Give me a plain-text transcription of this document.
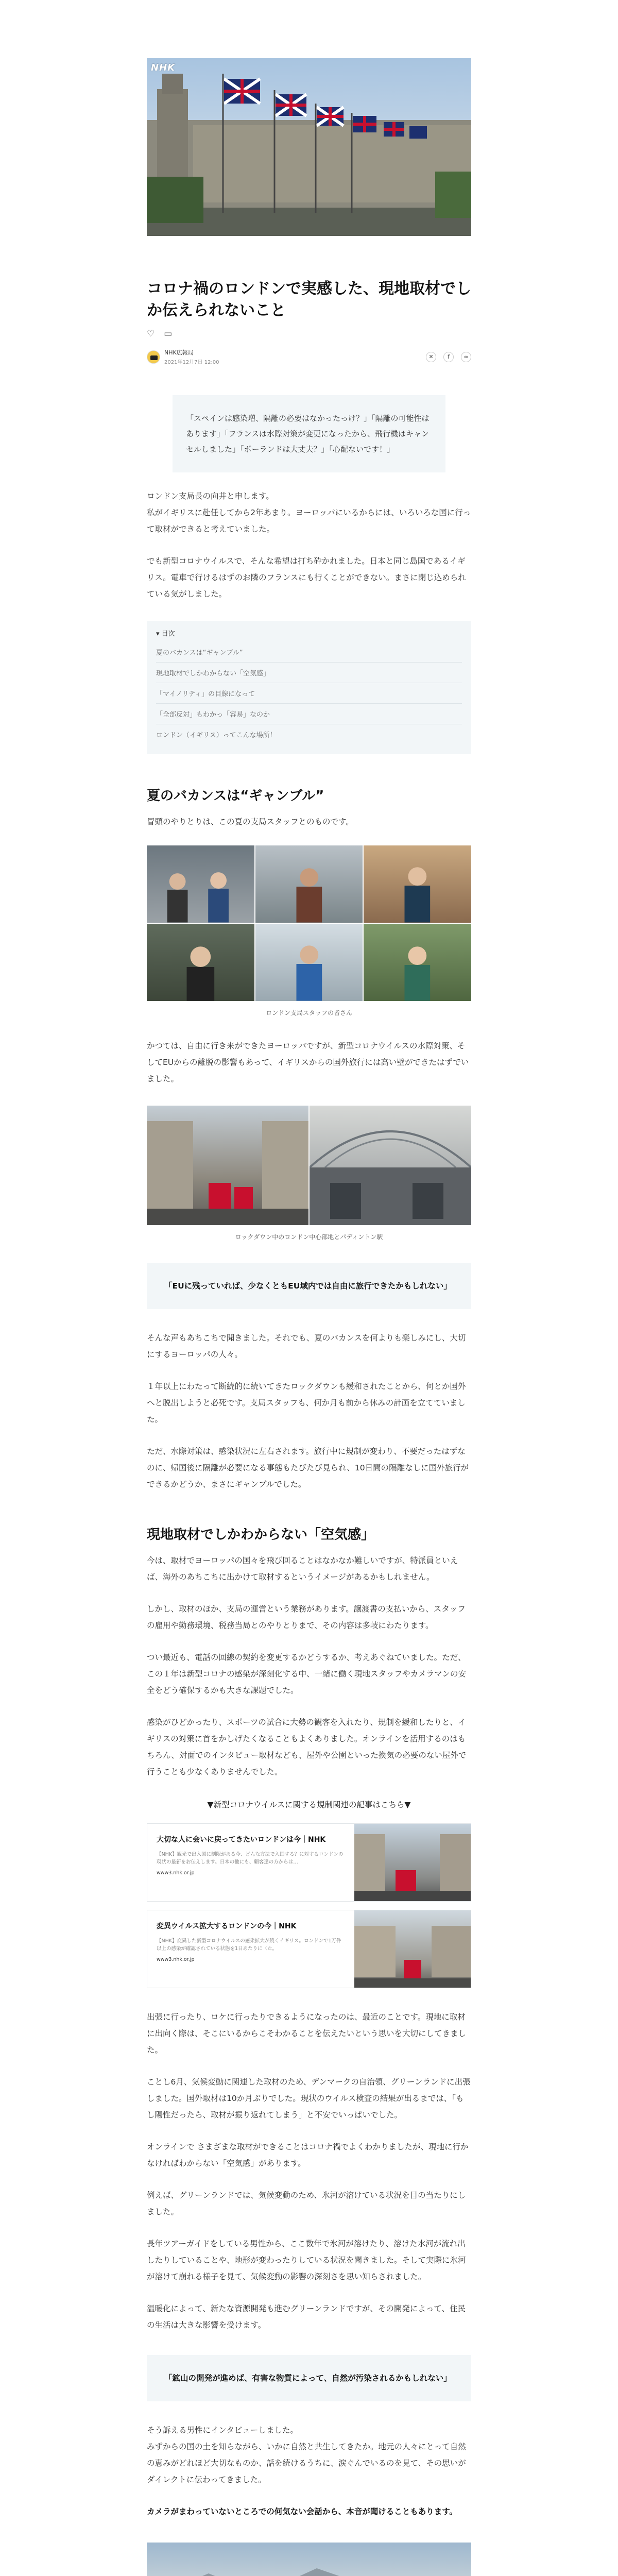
NHK
コロナ禍のロンドンで実感した、現地取材でしか伝えられないこと
♡ ▭
NHK広報局
2021年12月7日 12:00
✕	f	∞
「スペインは感染増、隔離の必要はなかったっけ？」「隔離の可能性はあります」「フランスは水際対策が変更になったから、飛行機はキャンセルしました」「ポーランドは大丈夫？」「心配ないです！」

ロンドン支局長の向井と申します。
私がイギリスに赴任してから2年あまり。ヨーロッパにいるからには、いろいろな国に行って取材ができると考えていました。

でも新型コロナウイルスで、そんな希望は打ち砕かれました。日本と同じ島国であるイギリス。電車で行けるはずのお隣のフランスにも行くことができない。まさに閉じ込められている気がしました。

▾ 目次
夏のバカンスは“ギャンブル”
現地取材でしかわからない「空気感」
「マイノリティ」の目線になって
「全部反対」もわかっ「容易」なのか
ロンドン（イギリス）ってこんな場所！
夏のバカンスは“ギャンブル”

冒頭のやりとりは、この夏の支局スタッフとのものです。

ロンドン支局スタッフの皆さん

かつては、自由に行き来ができたヨーロッパですが、新型コロナウイルスの水際対策、そしてEUからの離脱の影響もあって、イギリスからの国外旅行には高い壁ができたはずでいました。

ロックダウン中のロンドン中心部地とパディントン駅
「EUに残っていれば、少なくともEU域内では自由に旅行できたかもしれない」

そんな声もあちこちで聞きました。それでも、夏のバカンスを何よりも楽しみにし、大切にするヨーロッパの人々。

１年以上にわたって断続的に続いてきたロックダウンも緩和されたことから、何とか国外へと脱出しようと必死です。支局スタッフも、何か月も前から休みの計画を立てていました。

ただ、水際対策は、感染状況に左右されます。旅行中に規制が変わり、不要だったはずなのに、帰国後に隔離が必要になる事態もたびたび見られ、10日間の隔離なしに国外旅行ができるかどうか、まさにギャンブルでした。

現地取材でしかわからない「空気感」

今は、取材でヨーロッパの国々を飛び回ることはなかなか難しいですが、特派員といえば、海外のあちこちに出かけて取材するというイメージがあるかもしれません。

しかし、取材のほか、支局の運営という業務があります。譲渡書の支払いから、スタッフの雇用や勤務環境、税務当局とのやりとりまで、その内容は多岐にわたります。

つい最近も、電話の回線の契約を変更するかどうするか、考えあぐねていました。ただ、この１年は新型コロナの感染が深刻化する中、一緒に働く現地スタッフやカメラマンの安全をどう確保するかも大きな課題でした。

感染がひどかったり、スポーツの試合に大勢の観客を入れたり、規制を緩和したりと、イギリスの対策に首をかしげたくなることもよくありました。オンラインを活用するのはもちろん、対面でのインタビュー取材なども、屋外や公園といった換気の必要のない屋外で行うことも少なくありませんでした。

▼新型コロナウイルスに関する規制関連の記事はこちら▼
大切な人に会いに戻ってきたいロンドンは今｜NHK
【NHK】観光で出入国に制限がある今、どんな方法で入国する？に対するロンドンの現状の最新をお伝えします。日本の他にも、顧客達の方からは…
www3.nhk.or.jp
変異ウイルス拡大するロンドンの今｜NHK
【NHK】変異した新型コロナウイルスの感染拡大が続くイギリス。ロンドンで1万件以上の感染が確認されている状態を1日あたりに（た。
www3.nhk.or.jp

出張に行ったり、ロケに行ったりできるようになったのは、最近のことです。現地に取材に出向く際は、そこにいるからこそわかることを伝えたいという思いを大切にしてきました。

ことし6月、気候変動に関連した取材のため、デンマークの自治領、グリーンランドに出張しました。国外取材は10か月ぶりでした。現状のウイルス検査の結果が出るまでは、「もし陽性だったら、取材が振り返れてしまう」と不安でいっぱいでした。

オンラインで さまざまな取材ができることはコロナ禍でよくわかりましたが、現地に行かなければわからない「空気感」があります。

例えば、グリーンランドでは、気候変動のため、氷河が溶けている状況を目の当たりにしました。

長年ツアーガイドをしている男性から、ここ数年で氷河が溶けたり、溶けた水河が流れ出したりしていることや、地形が変わったりしている状況を聞きました。そして実際に氷河が溶けて崩れる様子を見て、気候変動の影響の深刻さを思い知らされました。

温暖化によって、新たな資源開発も進むグリーンランドですが、その開発によって、住民の生活は大きな影響を受けます。

「鉱山の開発が進めば、有害な物質によって、自然が汚染されるかもしれない」

そう訴える男性にインタビューしました。
みずからの国の土を知らながら、いかに自然と共生してきたか。地元の人々にとって自然の恵みがどれほど大切なものか、話を続けるうちに、涙ぐんでいるのを見て、その思いがダイレクトに伝わってきました。

カメラがまわっていないところでの何気ない会話から、本音が聞けることもあります。
